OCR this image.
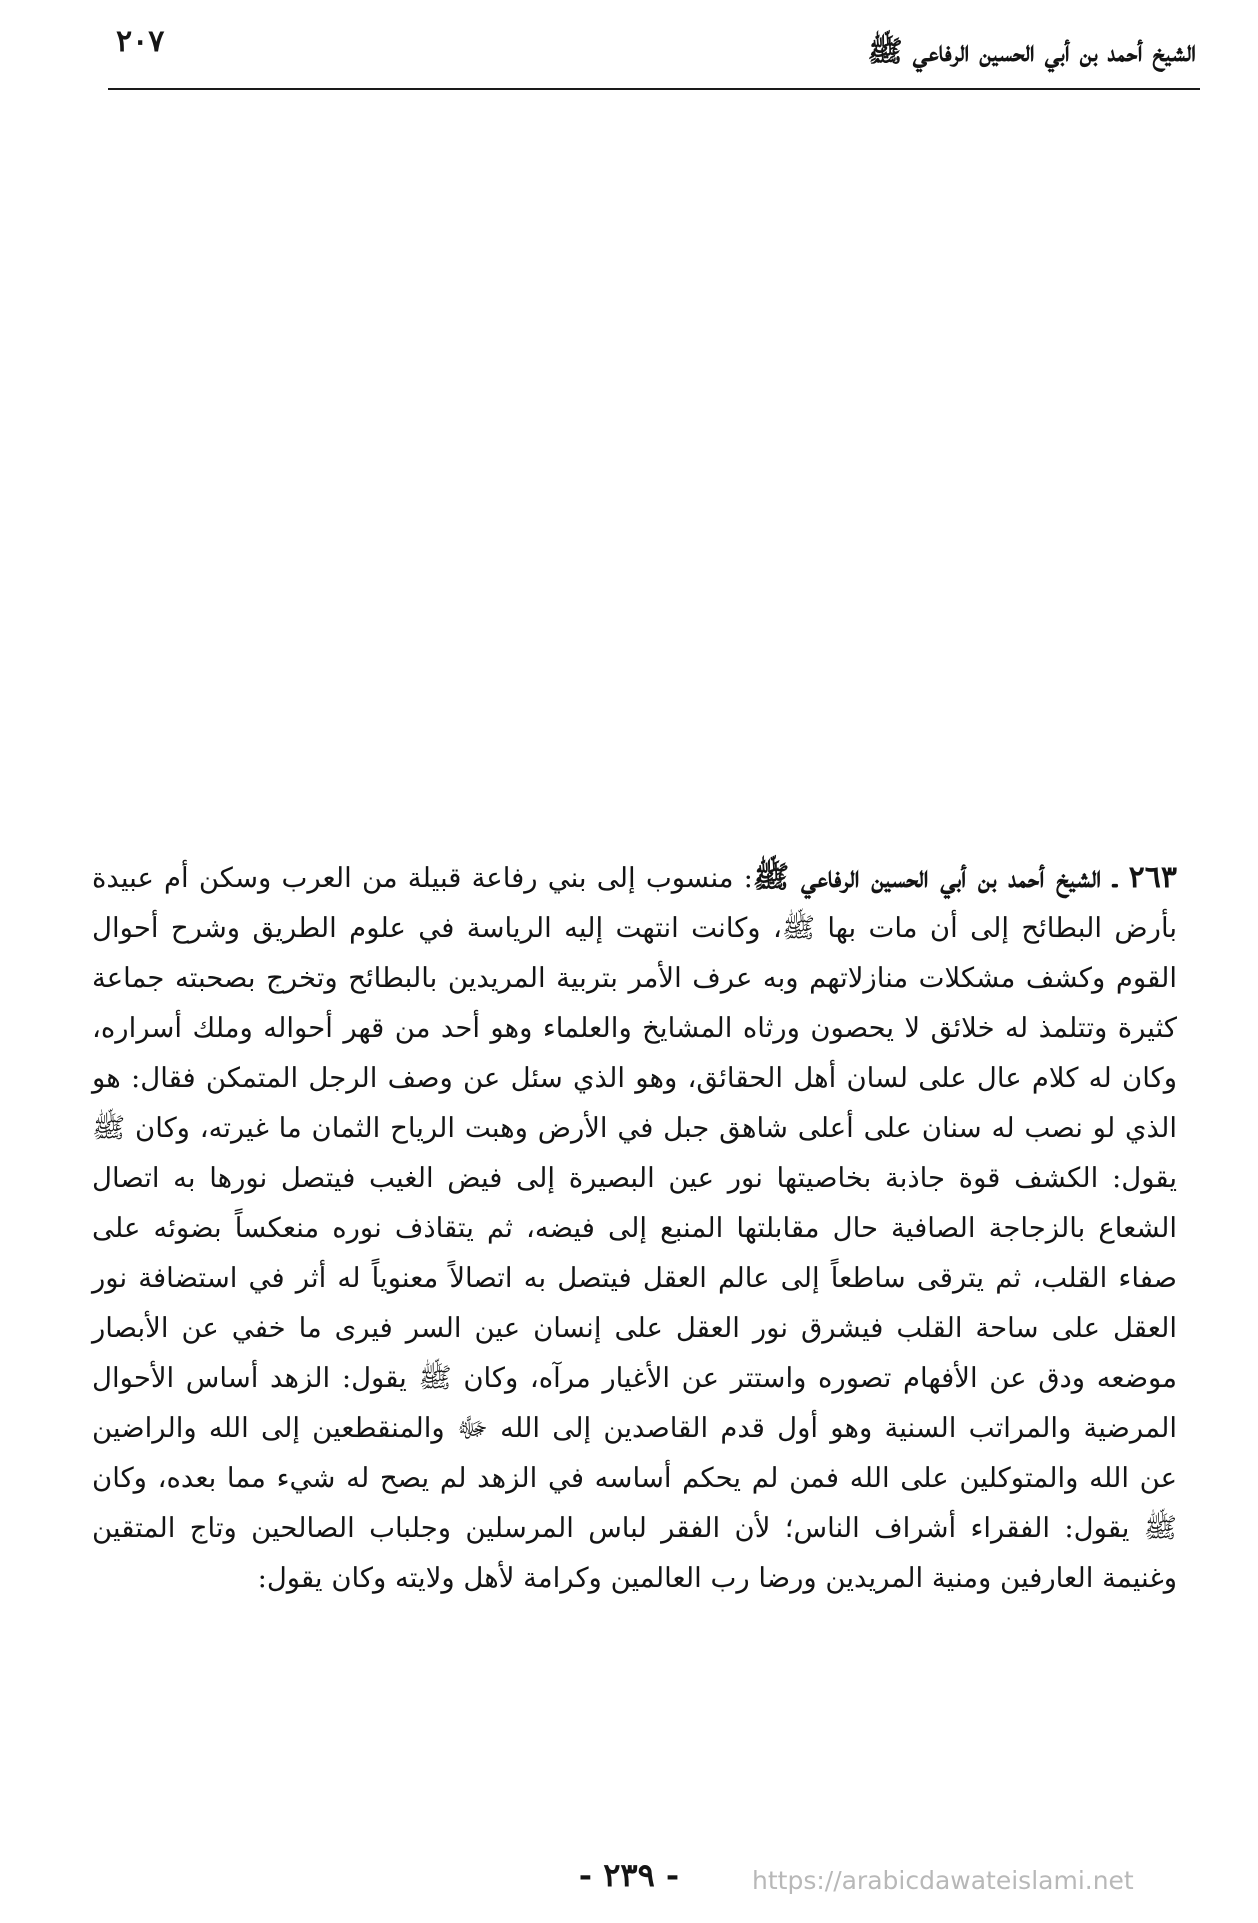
٢٠٧	الشيخ أحمد بن أبي الحسين الرفاعي ﷺ
٢٦٣ ـ الشيخ أحمد بن أبي الحسين الرفاعي ﷺ: منسوب إلى بني رفاعة قبيلة من العرب وسكن أم عبيدة بأرض البطائح إلى أن مات بها ﷺ، وكانت انتهت إليه الرياسة في علوم الطريق وشرح أحوال القوم وكشف مشكلات منازلاتهم وبه عرف الأمر بتربية المريدين بالبطائح وتخرج بصحبته جماعة كثيرة وتتلمذ له خلائق لا يحصون ورثاه المشايخ والعلماء وهو أحد من قهر أحواله وملك أسراره، وكان له كلام عال على لسان أهل الحقائق، وهو الذي سئل عن وصف الرجل المتمكن فقال: هو الذي لو نصب له سنان على أعلى شاهق جبل في الأرض وهبت الرياح الثمان ما غيرته، وكان ﷺ يقول: الكشف قوة جاذبة بخاصيتها نور عين البصيرة إلى فيض الغيب فيتصل نورها به اتصال الشعاع بالزجاجة الصافية حال مقابلتها المنبع إلى فيضه، ثم يتقاذف نوره منعكساً بضوئه على صفاء القلب، ثم يترقى ساطعاً إلى عالم العقل فيتصل به اتصالاً معنوياً له أثر في استضافة نور العقل على ساحة القلب فيشرق نور العقل على إنسان عين السر فيرى ما خفي عن الأبصار موضعه ودق عن الأفهام تصوره واستتر عن الأغيار مرآه، وكان ﷺ يقول: الزهد أساس الأحوال المرضية والمراتب السنية وهو أول قدم القاصدين إلى الله ﷻ والمنقطعين إلى الله والراضين عن الله والمتوكلين على الله فمن لم يحكم أساسه في الزهد لم يصح له شيء مما بعده، وكان ﷺ يقول: الفقراء أشراف الناس؛ لأن الفقر لباس المرسلين وجلباب الصالحين وتاج المتقين وغنيمة العارفين ومنية المريدين ورضا رب العالمين وكرامة لأهل ولايته وكان يقول:
- ٢٣٩ -	https://arabicdawateislami.net
